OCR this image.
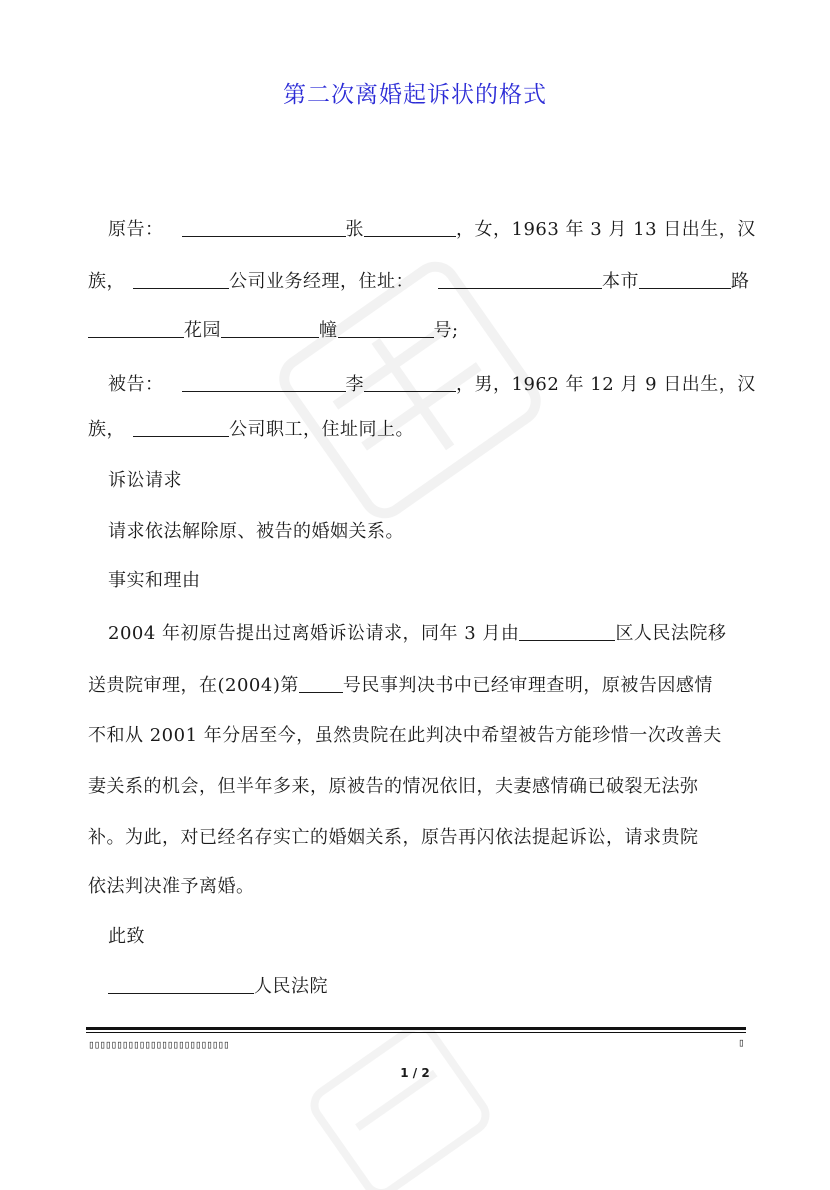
第二次离婚起诉状的格式
原告：	张	，女，1963 年 3 月 13 日出生，汉
族，	公司业务经理，住址：	本市	路
花园	幢	号;
被告：	李	，男，1962 年 12 月 9 日出生，汉
族，	公司职工，住址同上。
诉讼请求
请求依法解除原、被告的婚姻关系。
事实和理由
2004 年初原告提出过离婚诉讼请求，同年 3 月由	区人民法院移
送贵院审理，在(2004)第 号民事判决书中已经审理查明，原被告因感情
不和从 2001 年分居至今，虽然贵院在此判决中希望被告方能珍惜一次改善夫
妻关系的机会，但半年多来，原被告的情况依旧，夫妻感情确已破裂无法弥
补。为此，对已经名存实亡的婚姻关系，原告再闪依法提起诉讼，请求贵院
依法判决准予离婚。
此致
人民法院
▯▯▯▯▯▯▯▯▯▯▯▯▯▯▯▯▯▯▯▯▯▯▯▯▯	▯
1 / 2
